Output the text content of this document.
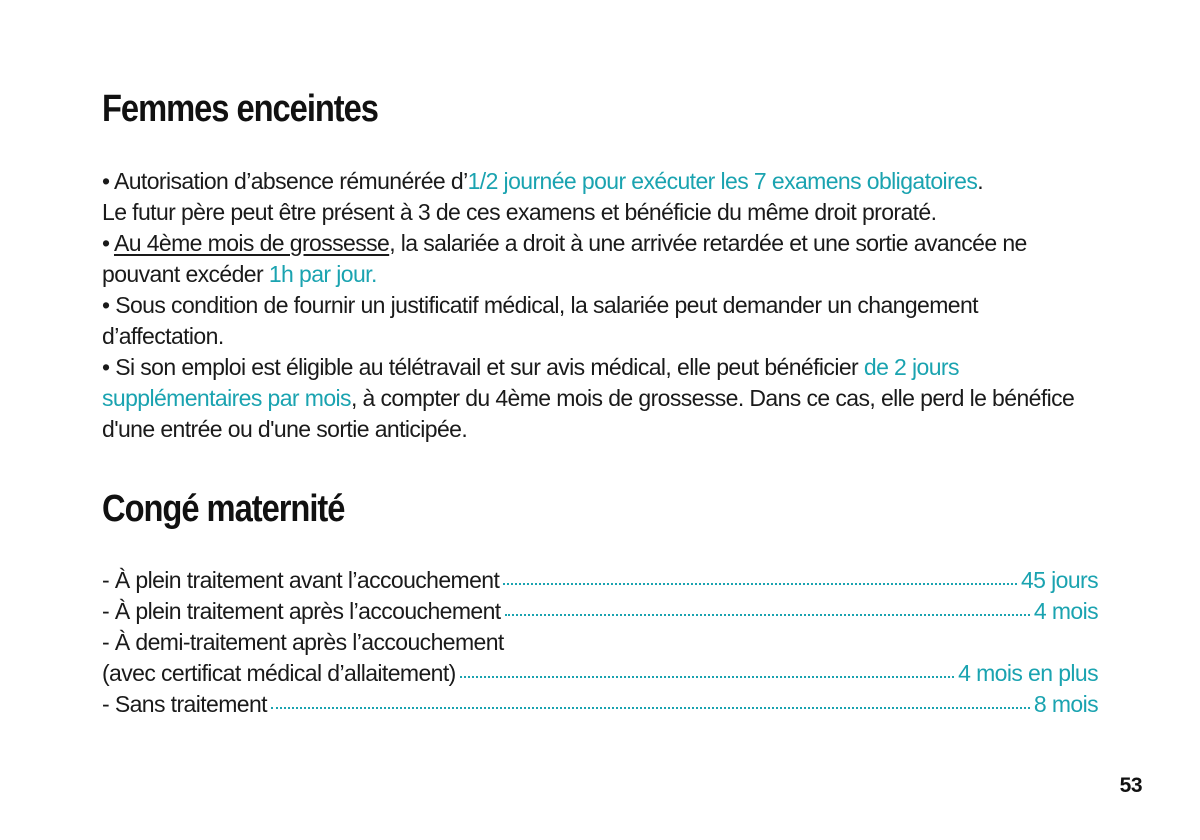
Femmes enceintes

• Autorisation d’absence rémunérée d’1/2 journée pour exécuter les 7 examens obligatoires.

Le futur père peut être présent à 3 de ces examens et bénéficie du même droit proraté.

• Au 4ème mois de grossesse, la salariée a droit à une arrivée retardée et une sortie avancée ne pouvant excéder 1h par jour.

• Sous condition de fournir un justificatif médical, la salariée peut demander un changement d’affectation.

• Si son emploi est éligible au télétravail et sur avis médical, elle peut bénéficier de 2 jours supplémentaires par mois, à compter du 4ème mois de grossesse. Dans ce cas, elle perd le bénéfice d'une entrée ou d'une sortie anticipée.

Congé maternité
- À plein traitement avant l’accouchement	45 jours
- À plein traitement après l’accouchement	4 mois
- À demi-traitement après l’accouchement
(avec certificat médical d’allaitement)	4 mois en plus
- Sans traitement	8 mois
53
